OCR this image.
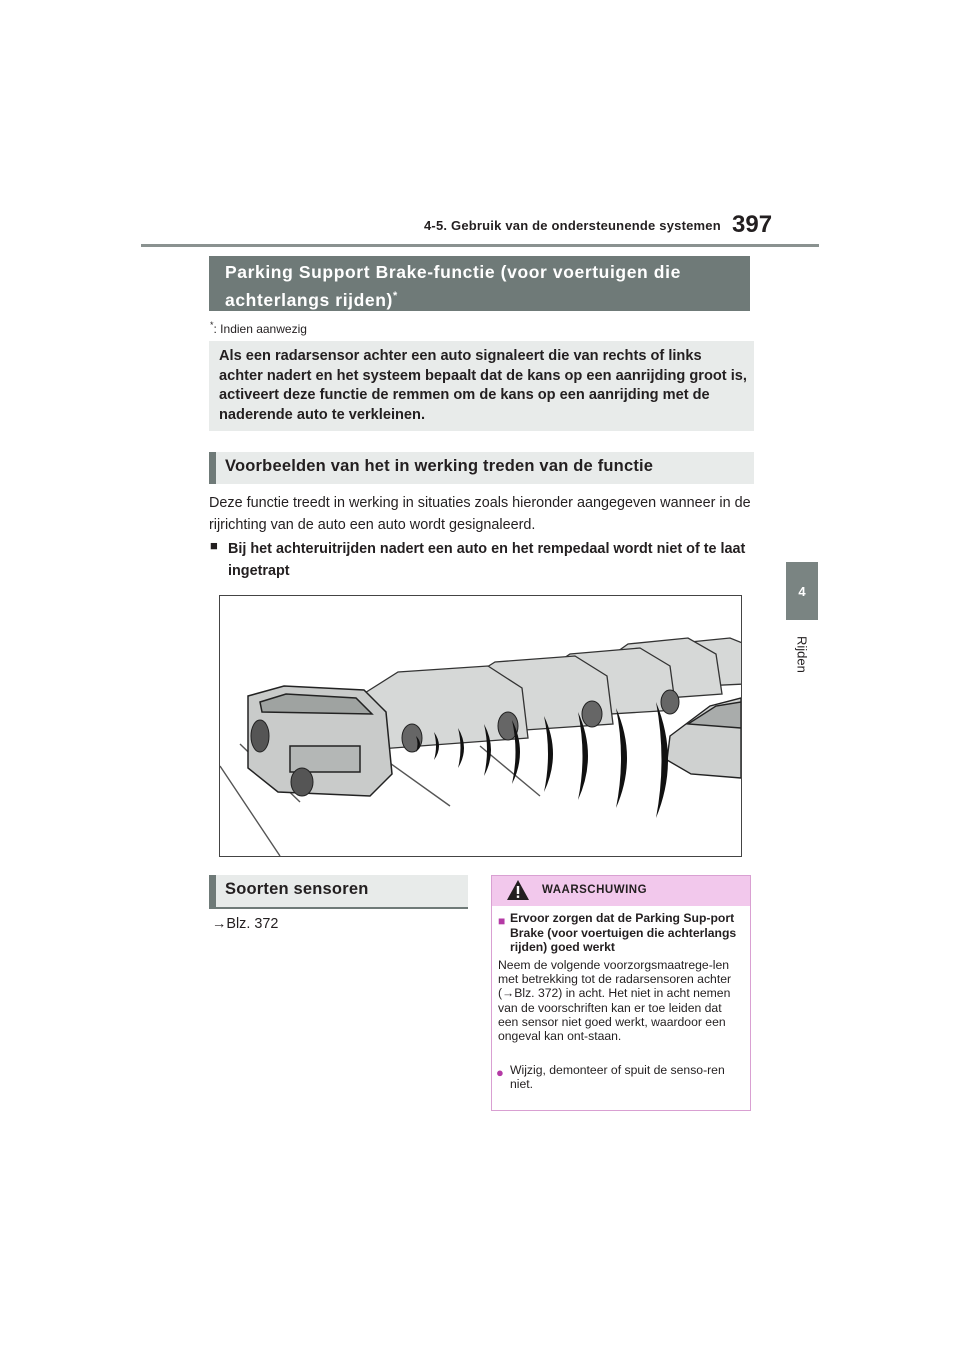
4-5. Gebruik van de ondersteunende systemen 397
4
Rijden
Parking Support Brake-functie (voor voertuigen die achterlangs rijden)*
*: Indien aanwezig
Als een radarsensor achter een auto signaleert die van rechts of links achter nadert en het systeem bepaalt dat de kans op een aanrijding groot is, activeert deze functie de remmen om de kans op een aanrijding met de naderende auto te verkleinen.
Voorbeelden van het in werking treden van de functie
Deze functie treedt in werking in situaties zoals hieronder aangegeven wanneer in de rijrichting van de auto een auto wordt gesignaleerd.
■ Bij het achteruitrijden nadert een auto en het rempedaal wordt niet of te laat ingetrapt
Soorten sensoren
→Blz. 372
WAARSCHUWING
■ Ervoor zorgen dat de Parking Sup-port Brake (voor voertuigen die achterlangs rijden) goed werkt
Neem de volgende voorzorgsmaatrege-len met betrekking tot de radarsensoren achter (→Blz. 372) in acht. Het niet in acht nemen van de voorschriften kan er toe leiden dat een sensor niet goed werkt, waardoor een ongeval kan ont-staan.
● Wijzig, demonteer of spuit de senso-ren niet.
